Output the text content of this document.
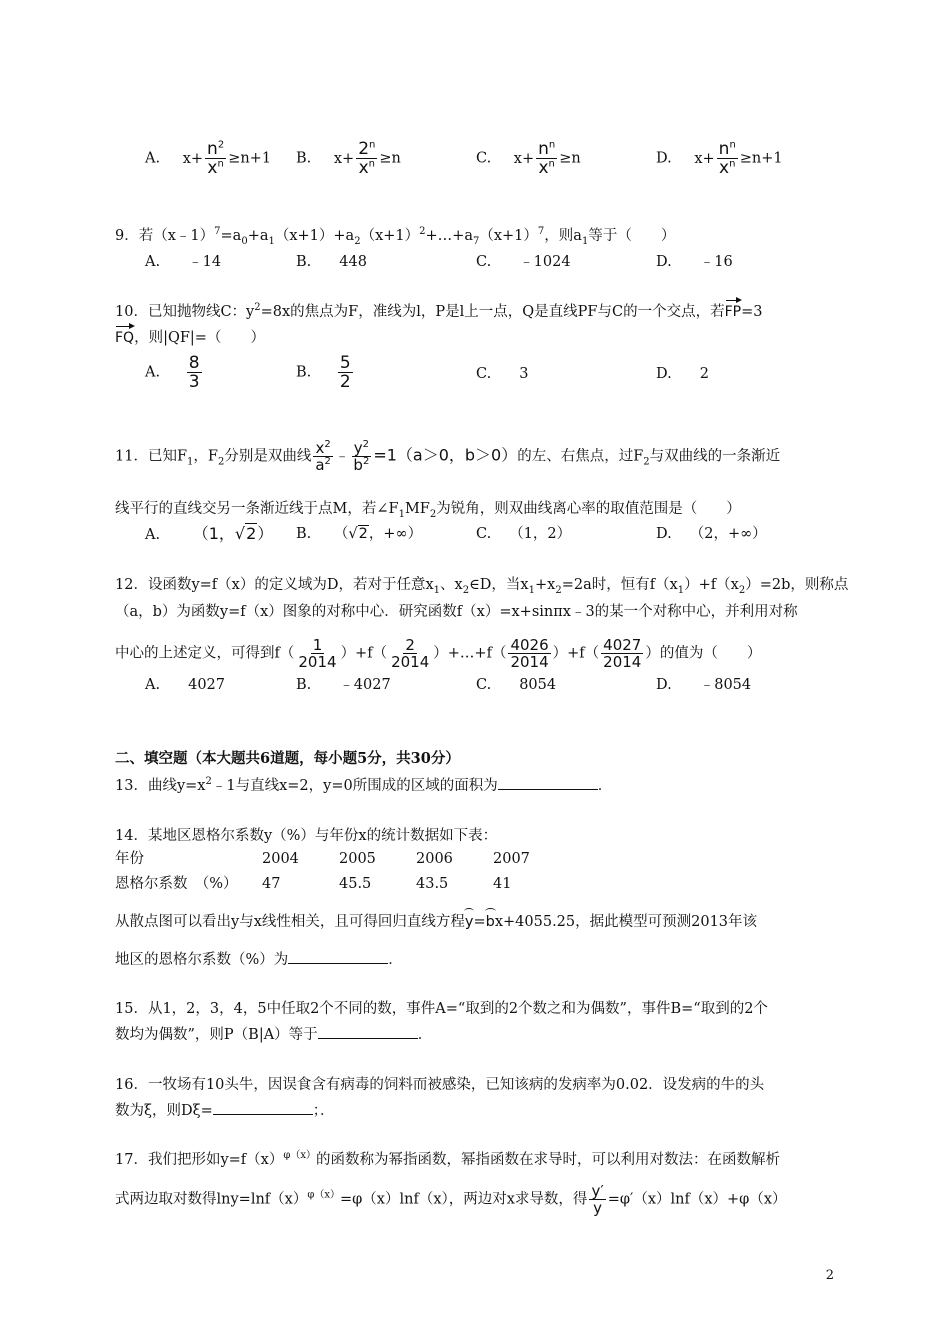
A. $x+ \frac{n^2}{x^n} \ge n+1$ B. $x+ \frac{2^n}{x^n} \ge n$	C. $x+ \frac{n^n}{x^n} \ge n$	D. $x+ \frac{n^n}{x^n} \ge n+1$
9．若$(x﹣1)^7=a_0+a_1(x+1)+a_2(x+1)^2+\dots+a_7(x+1)^7$，则$a_1$等于（　　）
A. ﹣14	B. 448	C. ﹣1024	D. ﹣16
10．已知抛物线C：$y^2=8x$的焦点为F，准线为l，P是l上一点，Q是直线PF与C的一个交点，若FP=3
FQ，则|QF|=（　　）
A. $\frac{8}{3}$	B. $\frac{5}{2}$	C. 3	D. 2
11．已知$F_1$，$F_2$分别是双曲线 $\frac{x^2}{a^2}$ ﹣ $\frac{y^2}{b^2} =1(a>0$，b＞0）的左、右焦点，过$F_2$与双曲线的一条渐近
线平行的直线交另一条渐近线于点M，若$\angle F_1MF_2$为锐角，则双曲线离心率的取值范围是（　　）
A. （1，√2） B. （√2，+∞）	C. （1，2）	D. （2，+∞）
12．设函数y=f（x）的定义域为D，若对于任意$x_1$、$x_2\in D$，当$x_1+x_2=2a$时，恒有$f(x_1)+f(x_2)=2b$，则称点
（a，b）为函数y=f（x）图象的对称中心．研究函数f（x）=x+sinπx﹣3的某一个对称中心，并利用对称
中心的上述定义，可得到$f( \frac{1}{2014} )+f( \frac{2}{2014}$ ）+…+f（ $\frac{4026}{2014} )+f( \frac{4027}{2014}$ ）的值为（　　）
A. 4027	B. ﹣4027	C. 8054	D. ﹣8054
二、填空题（本大题共6道题，每小题5分，共30分）
13．曲线$y=x^2﹣1$与直线x=2，y=0所围成的区域的面积为	．
14．某地区恩格尔系数y（%）与年份x的统计数据如下表：
年份	2004	2005	2006	2007
恩格尔系数　（%） 47	45.5	43.5	41
从散点图可以看出y与x线性相关，且可得回归直线方程y=bx+4055.25，据此模型可预测2013年该
地区的恩格尔系数（%）为	．
15．从1，2，3，4，5中任取2个不同的数，事件A=“取到的2个数之和为偶数”，事件B=“取到的2个
数均为偶数”，则P（B|A）等于	．
16．一牧场有10头牛，因误食含有病毒的饲料而被感染，已知该病的发病率为0.02．设发病的牛的头
数为ξ，则Dξ=	；．
17．我们把形如$y=f(x)^{\varphi(x)}$的函数称为幂指函数，幂指函数在求导时，可以利用对数法：在函数解析
式两边取对数得$\ln y=\ln f(x)^{\varphi(x)}=\varphi(x)\ln f(x)$，两边对x求导数，得 $\frac{y'}{y} =\varphi'(x)\ln f(x)+\varphi(x)$
2
